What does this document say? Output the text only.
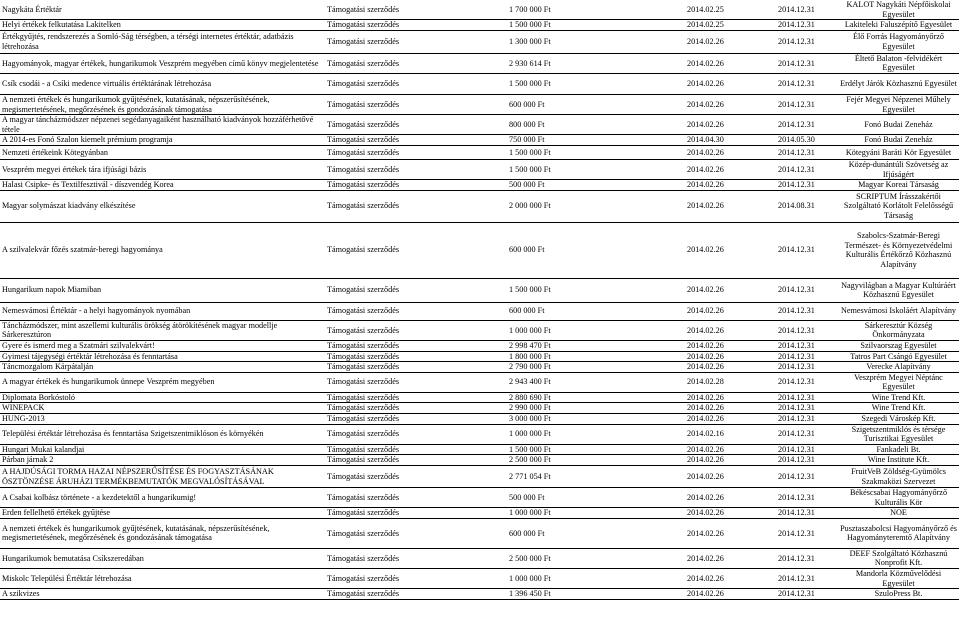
Nagykáta Értéktár	Támogatási szerződés	1 700 000 Ft	2014.02.25	2014.12.31	KALOT Nagykáti Népfőiskolai Egyesület
Helyi értékek felkutatása Lakitelken	Támogatási szerződés	1 500 000 Ft	2014.02.25	2014.12.31	Lakiteleki Faluszépítő Egyesület
Értékgyűjtés, rendszerezés a Somló-Ság térségben, a térségi internetes értéktár, adatbázis létrehozása	Támogatási szerződés	1 300 000 Ft	2014.02.26	2014.12.31	Élő Forrás Hagyományőrző Egyesület
Hagyományok, magyar értékek, hungarikumok Veszprém megyében című könyv megjelentetése	Támogatási szerződés	2 930 614 Ft	2014.02.26	2014.12.31	Éltető Balaton -felvidékért Egyesület
Csík csodái - a Csíki medence virtuális értéktárának létrehozása	Támogatási szerződés	1 500 000 Ft	2014.02.26	2014.12.31	Erdélyt Járók Közhasznú Egyesület
A nemzeti értékek és hungarikumok gyűjtésének, kutatásának, népszerűsítésének, megismertetésének, megőrzésének és gondozásának támogatása	Támogatási szerződés	600 000 Ft	2014.02.26	2014.12.31	Fejér Megyei Népzenei Műhely Egyesület
A magyar táncházmódszer népzenei segédanyagaiként használható kiadványok hozzáférhetővé tétele	Támogatási szerződés	800 000 Ft	2014.02.26	2014.12.31	Fonó Budai Zeneház
A 2014-es Fonó Szalon kiemelt prémium programja	Támogatási szerződés	750 000 Ft	2014.04.30	2014.05.30	Fonó Budai Zeneház
Nemzeti értékeink Kötegyánban	Támogatási szerződés	1 500 000 Ft	2014.02.26	2014.12.31	Kötegyáni Baráti Kör Egyesület
Veszprém megyei értékek tára ifjúsági bázis	Támogatási szerződés	1 500 000 Ft	2014.02.26	2014.12.31	Közép-dunántúli Szövetség az Ifjúságért
Halasi Csipke- és Textilfesztivál - díszvendég Korea	Támogatási szerződés	500 000 Ft	2014.02.26	2014.12.31	Magyar Koreai Társaság
Magyar solymászat kiadvány elkészítése	Támogatási szerződés	2 000 000 Ft	2014.02.26	2014.08.31	SCRIPTUM Írásszakértői Szolgáltató Korlátolt Felelősségű Társaság
A szilvalekvár főzés szatmár-beregi hagyománya	Támogatási szerződés	600 000 Ft	2014.02.26	2014.12.31	Szabolcs-Szatmár-Beregi Természet- és Környezetvédelmi Kulturális Értékőrző Közhasznú Alapítvány
Hungarikum napok Miamiban	Támogatási szerződés	1 500 000 Ft	2014.02.26	2014.12.31	Nagyvilágban a Magyar Kultúráért Közhasznú Egyesület
Nemesvámosi Értéktár - a helyi hagyományok nyomában	Támogatási szerződés	600 000 Ft	2014.02.26	2014.12.31	Nemesvámosi Iskoláért Alapítvány
Táncházmódszer, mint aszellemi kulturális örökség átörökítésének magyar modellje Sárkeresztúron	Támogatási szerződés	1 000 000 Ft	2014.02.26	2014.12.31	Sárkeresztúr Község Önkormányzata
Gyere és ismerd meg a Szatmári szilvalekvárt!	Támogatási szerződés	2 998 470 Ft	2014.02.26	2014.12.31	Szilvaorszag Egyesület
Gyimesi tájegységi értéktár létrehozása és fenntartása	Támogatási szerződés	1 800 000 Ft	2014.02.26	2014.12.31	Tatros Part Csángó Egyesület
Táncmozgalom Kárpátalján	Támogatási szerződés	2 790 000 Ft	2014.02.26	2014.12.31	Verecke Alapítvány
A magyar értékek és hungarikumok ünnepe Veszprém megyében	Támogatási szerződés	2 943 400 Ft	2014.02.28	2014.12.31	Veszprém Megyei Néptánc Egyesület
Diplomata Borkóstoló	Támogatási szerződés	2 880 690 Ft	2014.02.26	2014.12.31	Wine Trend Kft.
WINEPACK	Támogatási szerződés	2 990 000 Ft	2014.02.26	2014.12.31	Wine Trend Kft.
HUNG-2013	Támogatási szerződés	3 000 000 Ft	2014.02.26	2014.12.31	Szegedi Városkép Kft.
Települési értéktár létrehozása és fenntartása Szigetszentmiklóson és környékén	Támogatási szerződés	1 000 000 Ft	2014.02.16	2014.12.31	Szigetszentmiklós és térsége Turisztikai Egyesület
Hungari Mukai kalandjai	Támogatási szerződés	1 500 000 Ft	2014.02.26	2014.12.31	Fankadeli Bt.
Párban járnak 2	Támogatási szerződés	2 500 000 Ft	2014.02.26	2014.12.31	Wine Institute Kft.
A HAJDÚSÁGI TORMA HAZAI NÉPSZERŰSÍTÉSE ÉS FOGYASZTÁSÁNAK ÖSZTÖNZÉSE ÁRUHÁZI TERMÉKBEMUTATÓK MEGVALÓSÍTÁSÁVAL	Támogatási szerződés	2 771 054 Ft	2014.02.26	2014.12.31	FruitVeB Zöldség-Gyümölcs Szakmaközi Szervezet
A Csabai kolbász története - a kezdetektől a hungarikumig!	Támogatási szerződés	500 000 Ft	2014.02.26	2014.12.31	Békéscsabai Hagyományőrző Kulturális Kör
Erden fellelhető értékek gyűjtése	Támogatási szerződés	1 000 000 Ft	2014.02.26	2014.12.31	NOE
A nemzeti értékek és hungarikumok gyűjtésének, kutatásának, népszerűsítésének, megismertetésének, megőrzésének és gondozásának támogatása	Támogatási szerződés	600 000 Ft	2014.02.26	2014.12.31	Pusztaszabolcsi Hagyományőrző és Hagyományteremtő Alapítvány
Hungarikumok bemutatása Csíkszeredában	Támogatási szerződés	2 500 000 Ft	2014.02.26	2014.12.31	DEEF Szolgáltató Közhasznú Nonprofit Kft.
Miskolc Települési Értéktár létrehozása	Támogatási szerződés	1 000 000 Ft	2014.02.26	2014.12.31	Mandorla Közművelődési Egyesület
A szikvizes	Támogatási szerződés	1 396 450 Ft	2014.02.26	2014.12.31	SzuloPress Bt.
